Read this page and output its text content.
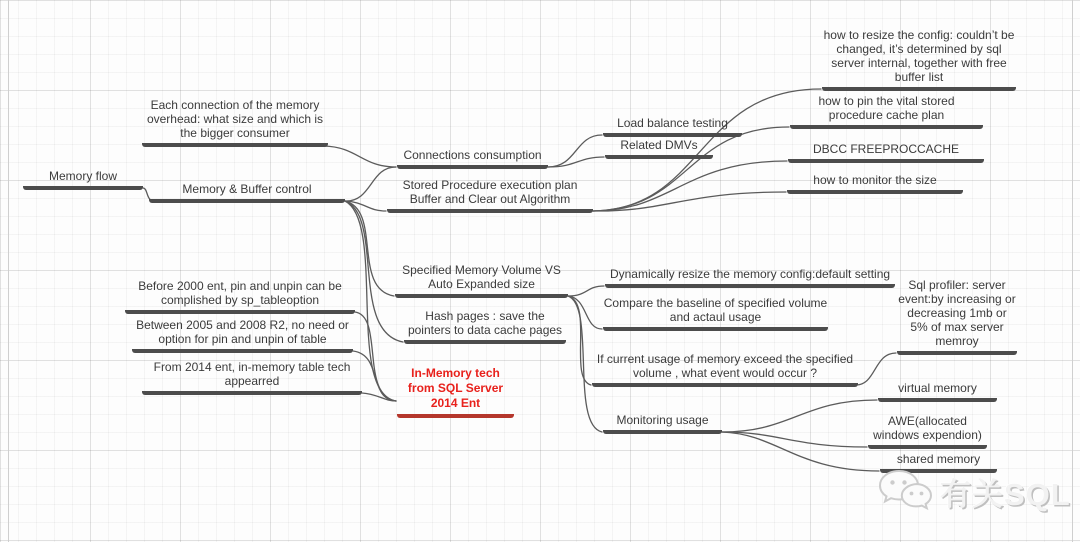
Memory flow
Each connection of the memory overhead: what size and which is the bigger consumer
Memory & Buffer control
Connections consumption
Stored Procedure execution plan Buffer and Clear out Algorithm
Load balance testing
Related DMVs
how to resize the config: couldn’t be changed, it’s determined by sql server internal, together with free buffer list
how to pin the vital stored procedure cache plan
DBCC FREEPROCCACHE
how to monitor the size
Specified Memory Volume VS Auto Expanded size
Hash pages : save the pointers to data cache pages
In-Memory tech from SQL Server 2014 Ent
Before 2000 ent, pin and unpin can be complished by sp_tableoption
Between 2005 and 2008 R2, no need or option for pin and unpin of table
From 2014 ent, in-memory table tech appearred
Dynamically resize the memory config:default setting
Compare the baseline of specified volume and actaul usage
If current usage of memory exceed the specified volume , what event would occur ?
Sql profiler: server event:by increasing or decreasing 1mb or 5% of max server memroy
Monitoring usage
virtual memory
AWE(allocated windows expendion)
shared memory
有关SQL
